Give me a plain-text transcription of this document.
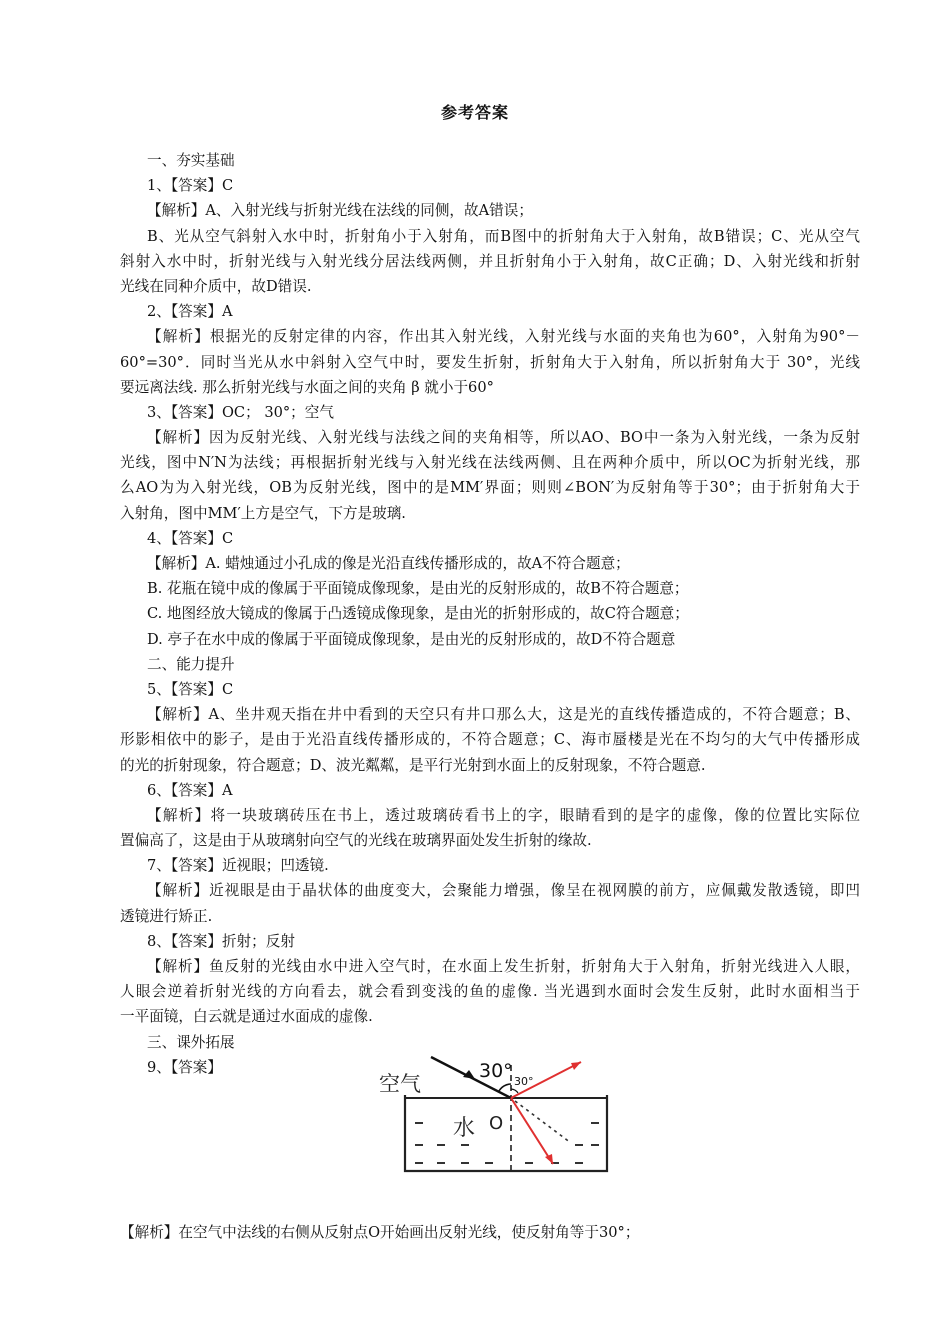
参考答案
一、夯实基础
1、【答案】C
【解析】A、入射光线与折射光线在法线的同侧，故A错误；
B、光从空气斜射入水中时，折射角小于入射角，而B图中的折射角大于入射角，故B错误；C、光从空气
斜射入水中时，折射光线与入射光线分居法线两侧，并且折射角小于入射角，故C正确；D、入射光线和折射
光线在同种介质中，故D错误.
2、【答案】A
【解析】根据光的反射定律的内容，作出其入射光线，入射光线与水面的夹角也为60°，入射角为90°－
60°=30°．同时当光从水中斜射入空气中时，要发生折射，折射角大于入射角，所以折射角大于 30°，光线
要远离法线. 那么折射光线与水面之间的夹角 β 就小于60°
3、【答案】OC； 30°；空气
【解析】因为反射光线、入射光线与法线之间的夹角相等，所以AO、BO中一条为入射光线，一条为反射
光线，图中N′N为法线；再根据折射光线与入射光线在法线两侧、且在两种介质中，所以OC为折射光线，那
么AO为为入射光线，OB为反射光线，图中的是MM′界面；则则∠BON′为反射角等于30°；由于折射角大于
入射角，图中MM′上方是空气，下方是玻璃.
4、【答案】C
【解析】A. 蜡烛通过小孔成的像是光沿直线传播形成的，故A不符合题意；
B. 花瓶在镜中成的像属于平面镜成像现象，是由光的反射形成的，故B不符合题意；
C. 地图经放大镜成的像属于凸透镜成像现象，是由光的折射形成的，故C符合题意；
D. 亭子在水中成的像属于平面镜成像现象，是由光的反射形成的，故D不符合题意
二、能力提升
5、【答案】C
【解析】A、坐井观天指在井中看到的天空只有井口那么大，这是光的直线传播造成的，不符合题意；B、
形影相依中的影子，是由于光沿直线传播形成的，不符合题意；C、海市蜃楼是光在不均匀的大气中传播形成
的光的折射现象，符合题意；D、波光粼粼，是平行光射到水面上的反射现象，不符合题意.
6、【答案】A
【解析】将一块玻璃砖压在书上，透过玻璃砖看书上的字，眼睛看到的是字的虚像，像的位置比实际位
置偏高了，这是由于从玻璃射向空气的光线在玻璃界面处发生折射的缘故.
7、【答案】近视眼；凹透镜.
【解析】近视眼是由于晶状体的曲度变大，会聚能力增强，像呈在视网膜的前方，应佩戴发散透镜，即凹
透镜进行矫正.
8、【答案】折射；反射
【解析】鱼反射的光线由水中进入空气时，在水面上发生折射，折射角大于入射角，折射光线进入人眼，
人眼会逆着折射光线的方向看去，就会看到变浅的鱼的虚像. 当光遇到水面时会发生反射，此时水面相当于
一平面镜，白云就是通过水面成的虚像.
三、课外拓展
9、【答案】
空气
水 O
30° 30°
【解析】在空气中法线的右侧从反射点O开始画出反射光线，使反射角等于30°；
